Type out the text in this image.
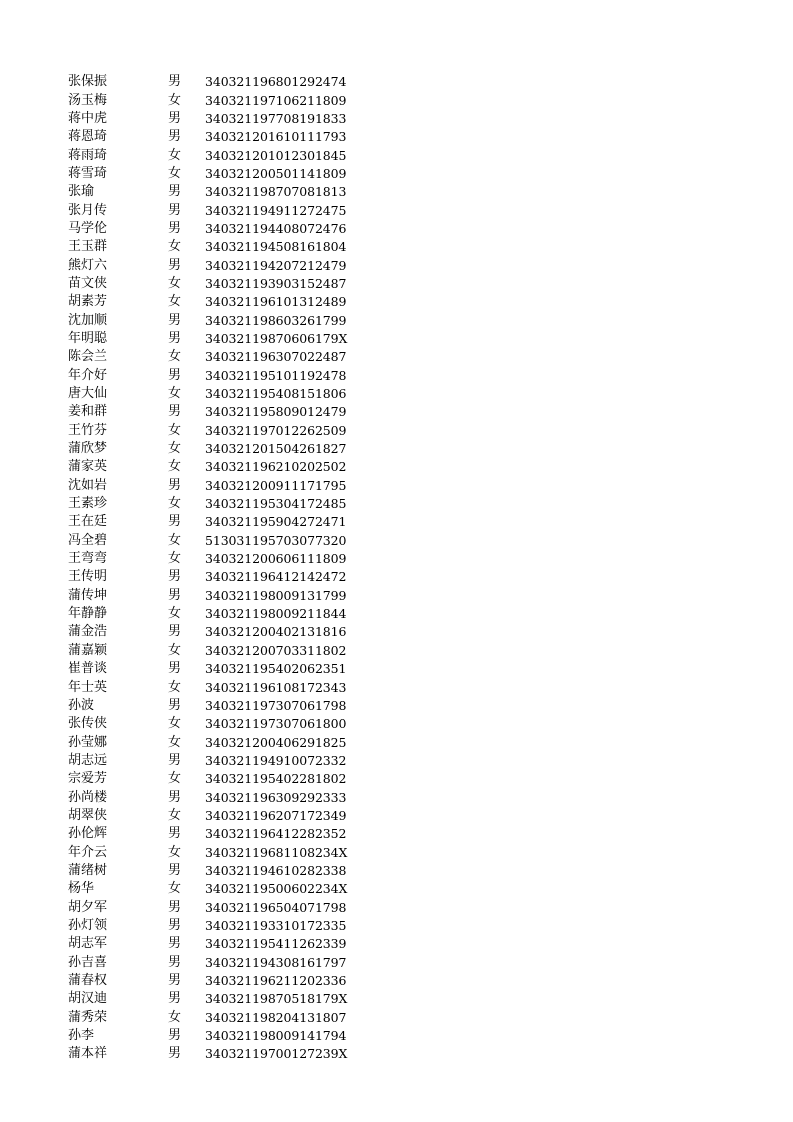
张保振	男	340321196801292474
汤玉梅	女	340321197106211809
蒋中虎	男	340321197708191833
蒋恩琦	男	340321201610111793
蒋雨琦	女	340321201012301845
蒋雪琦	女	340321200501141809
张瑜	男	340321198707081813
张月传	男	340321194911272475
马学伦	男	340321194408072476
王玉群	女	340321194508161804
熊灯六	男	340321194207212479
苗文侠	女	340321193903152487
胡素芳	女	340321196101312489
沈加顺	男	340321198603261799
年明聪	男	34032119870606179X
陈会兰	女	340321196307022487
年介好	男	340321195101192478
唐大仙	女	340321195408151806
姜和群	男	340321195809012479
王竹芬	女	340321197012262509
蒲欣梦	女	340321201504261827
蒲家英	女	340321196210202502
沈如岩	男	340321200911171795
王素珍	女	340321195304172485
王在廷	男	340321195904272471
冯全碧	女	513031195703077320
王弯弯	女	340321200606111809
王传明	男	340321196412142472
蒲传坤	男	340321198009131799
年静静	女	340321198009211844
蒲金浩	男	340321200402131816
蒲嘉颖	女	340321200703311802
崔普谈	男	340321195402062351
年士英	女	340321196108172343
孙波	男	340321197307061798
张传侠	女	340321197307061800
孙莹娜	女	340321200406291825
胡志远	男	340321194910072332
宗爱芳	女	340321195402281802
孙尚楼	男	340321196309292333
胡翠侠	女	340321196207172349
孙伦辉	男	340321196412282352
年介云	女	34032119681108234X
蒲绪树	男	340321194610282338
杨华	女	34032119500602234X
胡夕军	男	340321196504071798
孙灯领	男	340321193310172335
胡志军	男	340321195411262339
孙吉喜	男	340321194308161797
蒲春权	男	340321196211202336
胡汉迪	男	34032119870518179X
蒲秀荣	女	340321198204131807
孙李	男	340321198009141794
蒲本祥	男	34032119700127239X
